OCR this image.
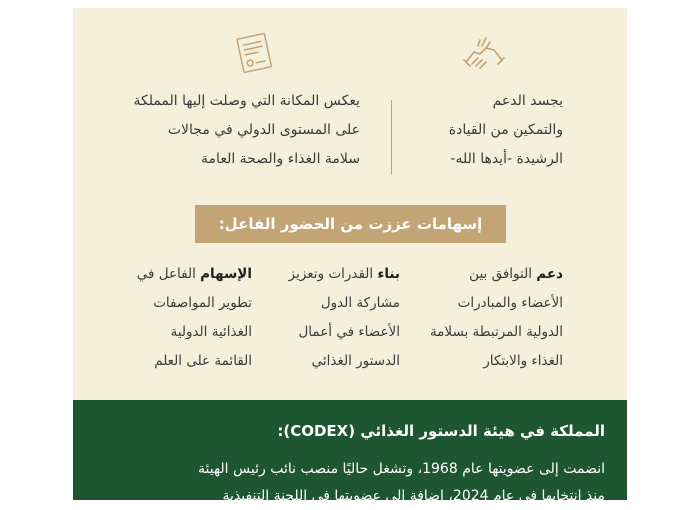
يجسد الدعم
والتمكين من القيادة
الرشيدة -أيدها الله-
يعكس المكانة التي وصلت إليها المملكة
على المستوى الدولي في مجالات
سلامة الغذاء والصحة العامة
إسهامات عززت من الحضور الفاعل:
دعم التوافق بين
الأعضاء والمبادرات
الدولية المرتبطة بسلامة
الغذاء والابتكار
بناء القدرات وتعزيز
مشاركة الدول
الأعضاء في أعمال
الدستور الغذائي
الإسهام الفاعل في
تطوير المواصفات
الغذائية الدولية
القائمة على العلم
المملكة في هيئة الدستور الغذائي (CODEX):
انضمت إلى عضويتها عام 1968، وتشغل حاليًا منصب نائب رئيس الهيئة
منذ انتخابها في عام 2024، إضافة إلى عضويتها في اللجنة التنفيذية
